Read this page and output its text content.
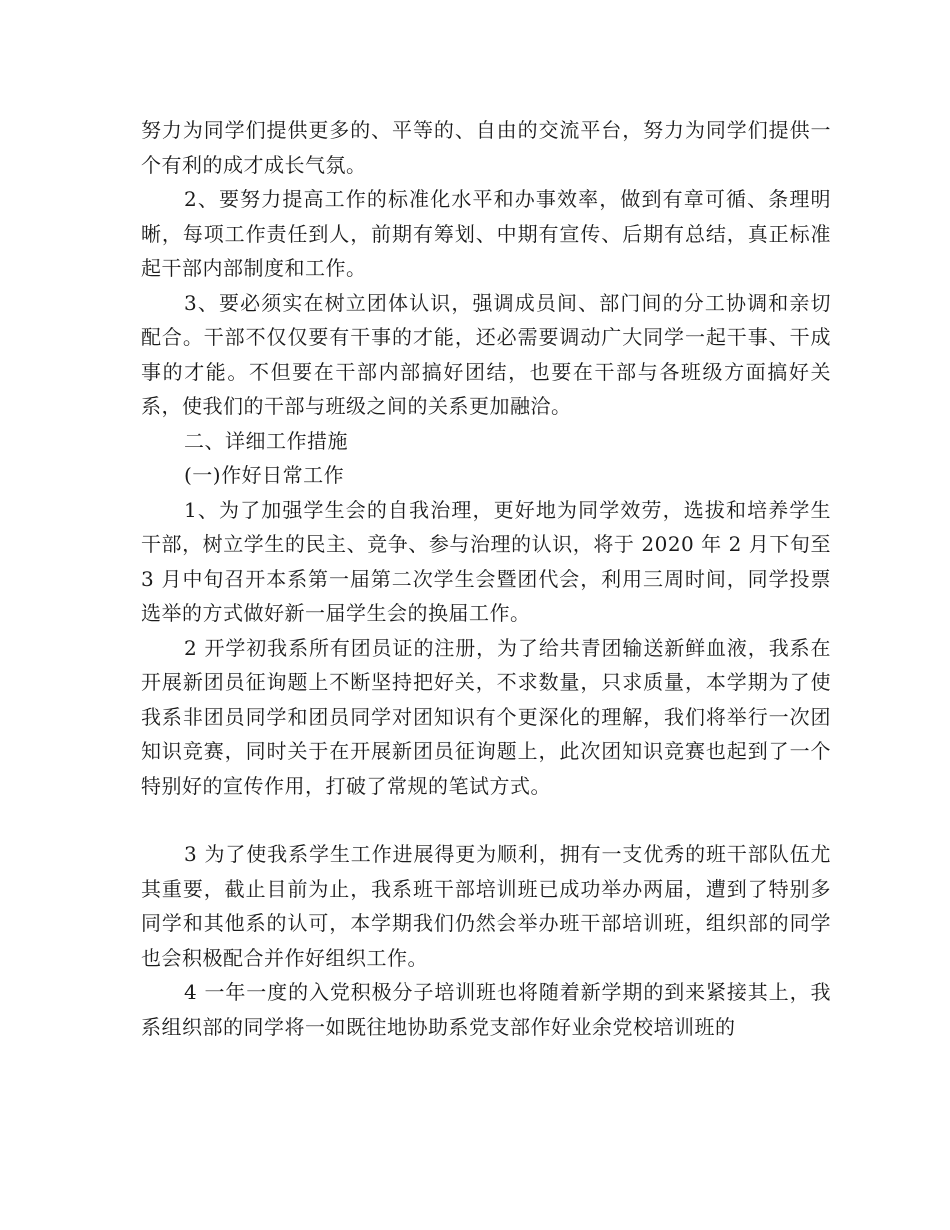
努力为同学们提供更多的、平等的、自由的交流平台，努力为同学们提供一个有利的成才成长气氛。

2、要努力提高工作的标准化水平和办事效率，做到有章可循、条理明晰，每项工作责任到人，前期有筹划、中期有宣传、后期有总结，真正标准起干部内部制度和工作。

3、要必须实在树立团体认识，强调成员间、部门间的分工协调和亲切配合。干部不仅仅要有干事的才能，还必需要调动广大同学一起干事、干成事的才能。不但要在干部内部搞好团结，也要在干部与各班级方面搞好关系，使我们的干部与班级之间的关系更加融洽。

二、详细工作措施

(一)作好日常工作

1、为了加强学生会的自我治理，更好地为同学效劳，选拔和培养学生干部，树立学生的民主、竞争、参与治理的认识，将于 2020 年 2 月下旬至 3 月中旬召开本系第一届第二次学生会暨团代会，利用三周时间，同学投票选举的方式做好新一届学生会的换届工作。

2 开学初我系所有团员证的注册，为了给共青团输送新鲜血液，我系在开展新团员征询题上不断坚持把好关，不求数量，只求质量，本学期为了使我系非团员同学和团员同学对团知识有个更深化的理解，我们将举行一次团知识竞赛，同时关于在开展新团员征询题上，此次团知识竞赛也起到了一个特别好的宣传作用，打破了常规的笔试方式。

3 为了使我系学生工作进展得更为顺利，拥有一支优秀的班干部队伍尤其重要，截止目前为止，我系班干部培训班已成功举办两届，遭到了特别多同学和其他系的认可，本学期我们仍然会举办班干部培训班，组织部的同学也会积极配合并作好组织工作。

4 一年一度的入党积极分子培训班也将随着新学期的到来紧接其上，我系组织部的同学将一如既往地协助系党支部作好业余党校培训班的
